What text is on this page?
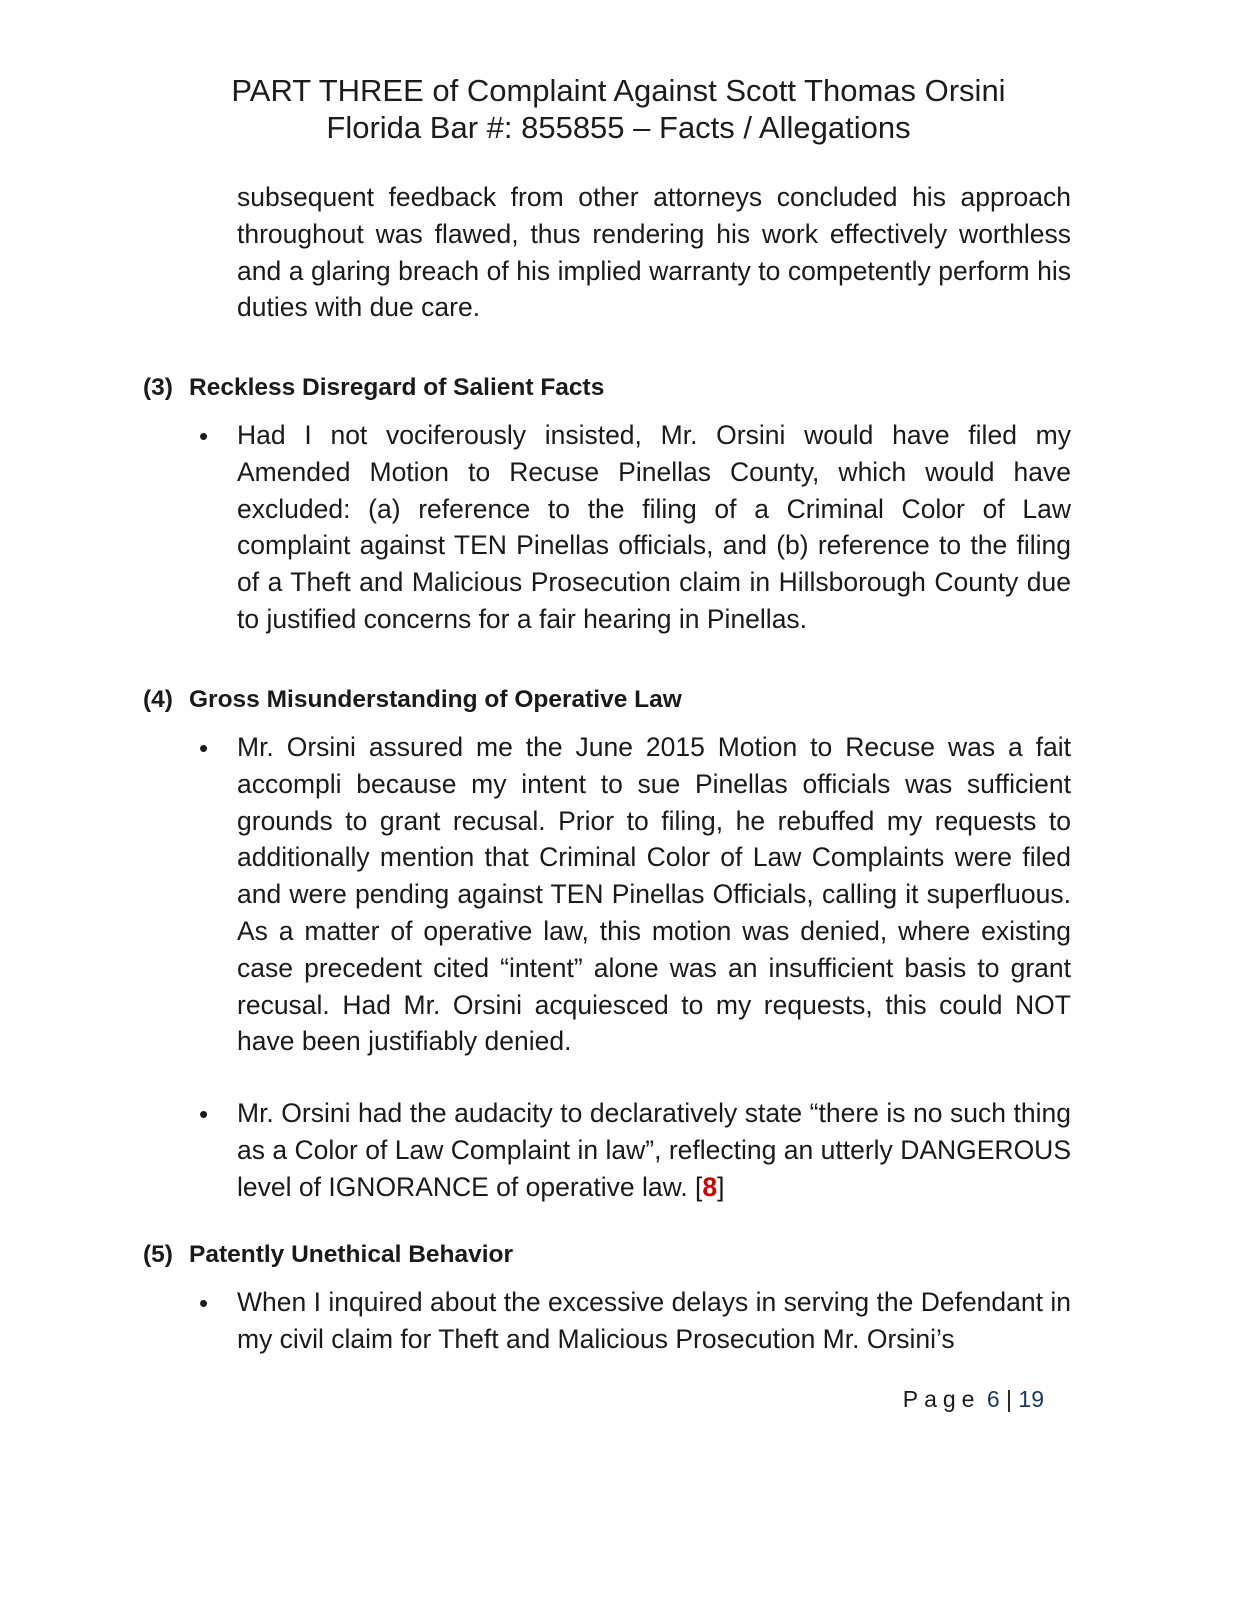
PART THREE of Complaint Against Scott Thomas Orsini
Florida Bar #: 855855 – Facts / Allegations

subsequent feedback from other attorneys concluded his approach throughout was flawed, thus rendering his work effectively worthless and a glaring breach of his implied warranty to competently perform his duties with due care.

(3) Reckless Disregard of Salient Facts
• Had I not vociferously insisted, Mr. Orsini would have filed my Amended Motion to Recuse Pinellas County, which would have excluded: (a) reference to the filing of a Criminal Color of Law complaint against TEN Pinellas officials, and (b) reference to the filing of a Theft and Malicious Prosecution claim in Hillsborough County due to justified concerns for a fair hearing in Pinellas.

(4) Gross Misunderstanding of Operative Law
• Mr. Orsini assured me the June 2015 Motion to Recuse was a fait accompli because my intent to sue Pinellas officials was sufficient grounds to grant recusal. Prior to filing, he rebuffed my requests to additionally mention that Criminal Color of Law Complaints were filed and were pending against TEN Pinellas Officials, calling it superfluous. As a matter of operative law, this motion was denied, where existing case precedent cited “intent” alone was an insufficient basis to grant recusal. Had Mr. Orsini acquiesced to my requests, this could NOT have been justifiably denied.

• Mr. Orsini had the audacity to declaratively state “there is no such thing as a Color of Law Complaint in law”, reflecting an utterly DANGEROUS level of IGNORANCE of operative law. [8]

(5) Patently Unethical Behavior
• When I inquired about the excessive delays in serving the Defendant in my civil claim for Theft and Malicious Prosecution Mr. Orsini’s

Page 6 | 19
